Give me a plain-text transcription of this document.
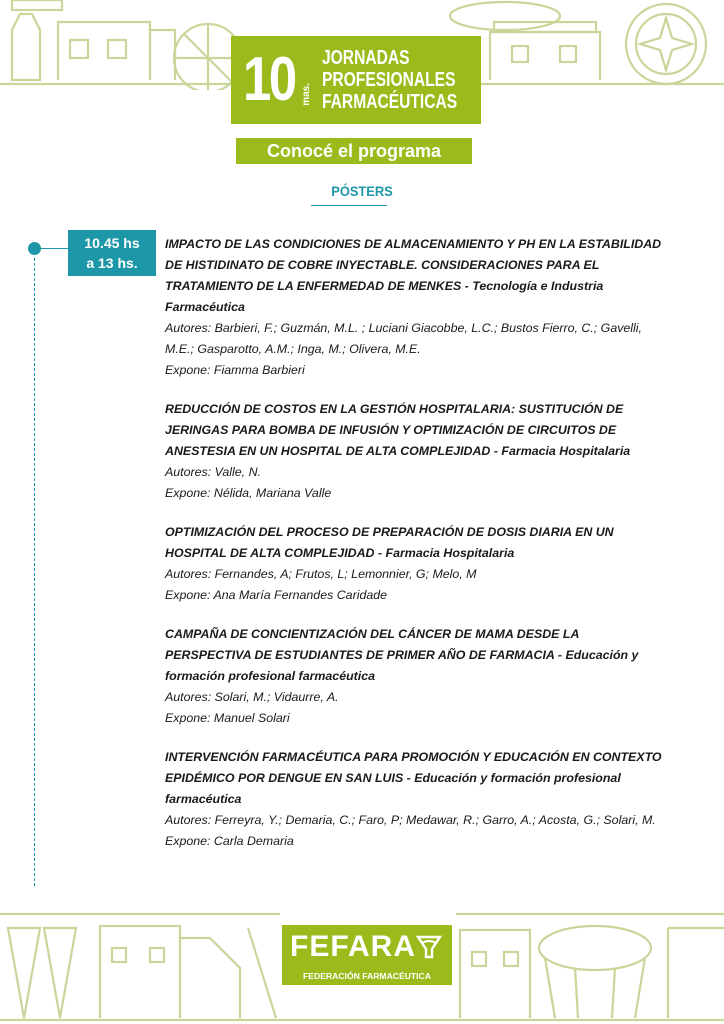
10 mas.
JORNADAS
PROFESIONALES
FARMACÉUTICAS
Conocé el programa
PÓSTERS
10.45 hs
a 13 hs.
IMPACTO DE LAS CONDICIONES DE ALMACENAMIENTO Y PH EN LA ESTABILIDAD DE HISTIDINATO DE COBRE INYECTABLE. CONSIDERACIONES PARA EL TRATAMIENTO DE LA ENFERMEDAD DE MENKES - Tecnología e Industria Farmacéutica
Autores: Barbieri, F.; Guzmán, M.L. ; Luciani Giacobbe, L.C.; Bustos Fierro, C.; Gavelli, M.E.; Gasparotto, A.M.; Inga, M.; Olivera, M.E.
Expone: Fiamma Barbieri
REDUCCIÓN DE COSTOS EN LA GESTIÓN HOSPITALARIA: SUSTITUCIÓN DE JERINGAS PARA BOMBA DE INFUSIÓN Y OPTIMIZACIÓN DE CIRCUITOS DE ANESTESIA EN UN HOSPITAL DE ALTA COMPLEJIDAD - Farmacia Hospitalaria
Autores: Valle, N.
Expone: Nélida, Mariana Valle
OPTIMIZACIÓN DEL PROCESO DE PREPARACIÓN DE DOSIS DIARIA EN UN HOSPITAL DE ALTA COMPLEJIDAD - Farmacia Hospitalaria
Autores: Fernandes, A; Frutos, L; Lemonnier, G; Melo, M
Expone: Ana María Fernandes Caridade
CAMPAÑA DE CONCIENTIZACIÓN DEL CÁNCER DE MAMA DESDE LA PERSPECTIVA DE ESTUDIANTES DE PRIMER AÑO DE FARMACIA - Educación y formación profesional farmacéutica
Autores: Solari, M.; Vidaurre, A.
Expone: Manuel Solari
INTERVENCIÓN FARMACÉUTICA PARA PROMOCIÓN Y EDUCACIÓN EN CONTEXTO EPIDÉMICO POR DENGUE EN SAN LUIS - Educación y formación profesional farmacéutica
Autores: Ferreyra, Y.; Demaria, C.; Faro, P; Medawar, R.; Garro, A.; Acosta, G.; Solari, M.
Expone: Carla Demaria
FEFARA
FEDERACIÓN FARMACÉUTICA
